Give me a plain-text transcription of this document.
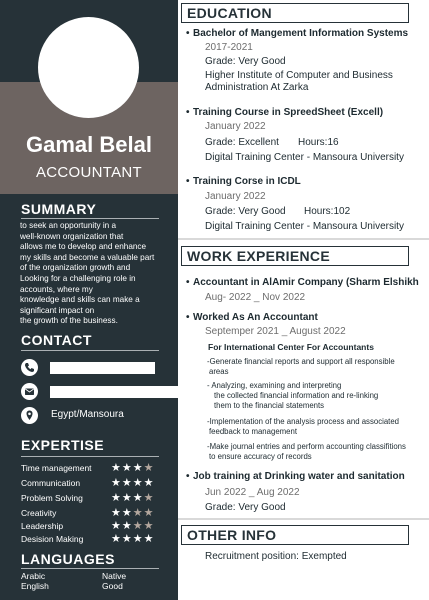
Gamal Belal
ACCOUNTANT
SUMMARY
to seek an opportunity in a
well-known organization that
allows me to develop and enhance
my skills and become a valuable part
of the organization growth and
Looking for a challenging role in
accounts, where my
knowledge and skills can make a
significant impact on
the growth of the business.
CONTACT
Egypt/Mansoura
EXPERTISE
Time management ★★★★
Communication	★★★★
Problem Solving	★★★★
Creativity	★★★★
Leadership	★★★★
Desision Making	★★★★
LANGUAGES
Arabic	Native
English	Good
EDUCATION
• Bachelor of Mangement Information Systems
2017-2021
Grade: Very Good
Higher Institute of Computer and Business
Administration At Zarka
• Training Course in SpreedSheet (Excell)
January 2022
Grade: Excellent Hours:16
Digital Training Center - Mansoura University
• Training Corse in ICDL
January 2022
Grade: Very Good Hours:102
Digital Training Center - Mansoura University
WORK EXPERIENCE
• Accountant in AlAmir Company (Sharm Elshikh
Aug- 2022 _ Nov 2022
• Worked As An Accountant
Septemper 2021 _ August 2022
For International Center For Accountants
-Generate financial reports and support all responsible
areas
- Analyzing, examining and interpreting
the collected financial information and re-linking
them to the financial statements
-Implementation of the analysis process and associated
feedback to management
-Make journal entries and perform accounting classifitions
to ensure accuracy of records
• Job training at Drinking water and sanitation
Jun 2022 _ Aug 2022
Grade: Very Good
OTHER INFO
Recruitment position: Exempted
